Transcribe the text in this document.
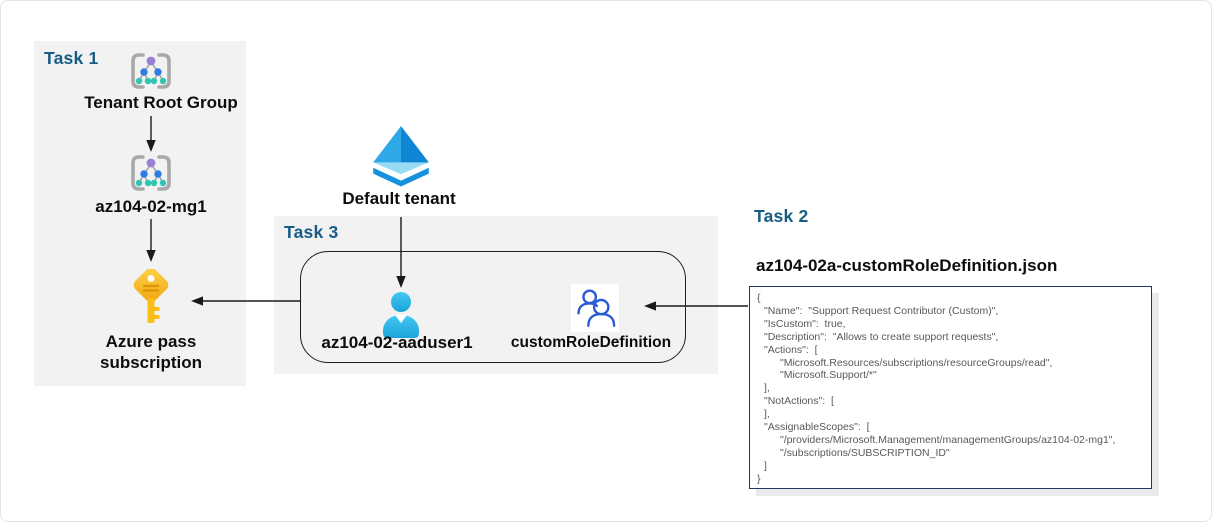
Task 1
Task 3
Task 2
Tenant Root Group
az104-02-mg1
Azure pass subscription
Default tenant
az104-02-aaduser1	customRoleDefinition
az104-02a-customRoleDefinition.json
{
"Name":  "Support Request Contributor (Custom)",
"IsCustom":  true,
"Description":  "Allows to create support requests",
"Actions":  [
"Microsoft.Resources/subscriptions/resourceGroups/read",
"Microsoft.Support/*"
],
"NotActions":  [
],
"AssignableScopes":  [
"/providers/Microsoft.Management/managementGroups/az104-02-mg1",
"/subscriptions/SUBSCRIPTION_ID"
]
}
